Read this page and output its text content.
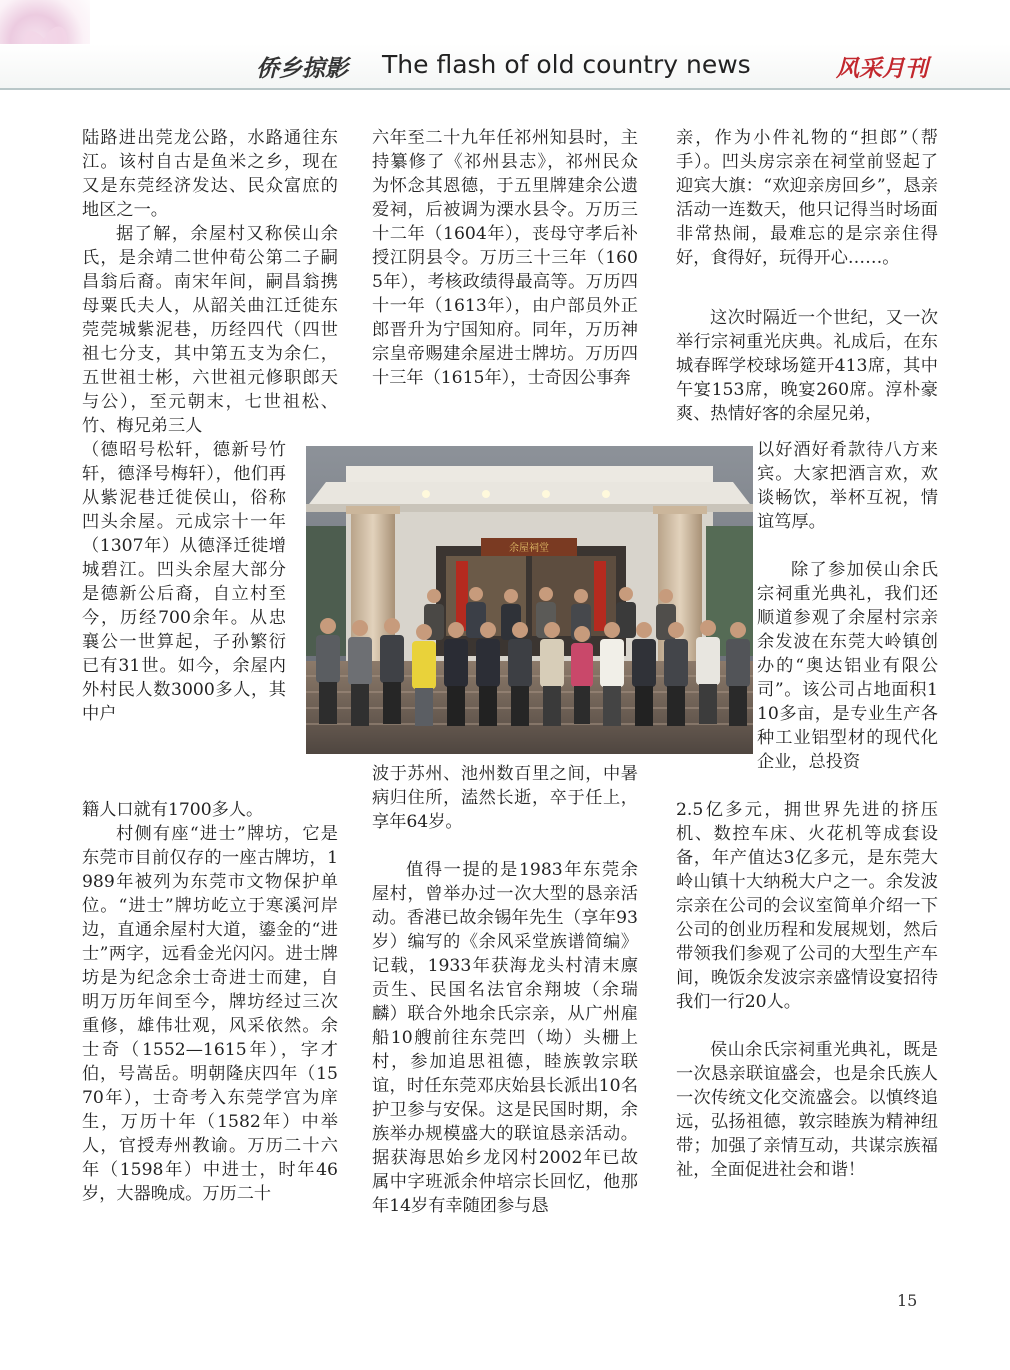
侨乡掠影 The flash of old country news	风采月刊

陆路进出莞龙公路，水路通往东江。该村自古是鱼米之乡，现在又是东莞经济发达、民众富庶的地区之一。

据了解，余屋村又称侯山余氏，是余靖二世仲荀公第二子嗣昌翁后裔。南宋年间，嗣昌翁携母粟氏夫人，从韶关曲江迁徙东莞莞城紫泥巷，历经四代（四世祖七分支，其中第五支为余仁，五世祖士彬，六世祖元修职郎天与公），至元朝末，七世祖松、竹、梅兄弟三人

（德昭号松轩，德新号竹轩，德泽号梅轩），他们再从紫泥巷迁徙侯山，俗称凹头余屋。元成宗十一年（1307年）从德泽迁徙增城碧江。凹头余屋大部分是德新公后裔，自立村至今，历经700余年。从忠襄公一世算起，子孙繁衍已有31世。如今，余屋内外村民人数3000多人，其中户

籍人口就有1700多人。

村侧有座“进士”牌坊，它是东莞市目前仅存的一座古牌坊，1989年被列为东莞市文物保护单位。“进士”牌坊屹立于寒溪河岸边，直通余屋村大道，鎏金的“进士”两字，远看金光闪闪。进士牌坊是为纪念余士奇进士而建，自明万历年间至今，牌坊经过三次重修，雄伟壮观，风采依然。余士奇（1552—1615年），字才伯，号嵩岳。明朝隆庆四年（1570年），士奇考入东莞学宫为庠生，万历十年（1582年）中举人，官授寿州教谕。万历二十六年（1598年）中进士，时年46岁，大器晚成。万历二十

六年至二十九年任祁州知县时，主持纂修了《祁州县志》，祁州民众为怀念其恩德，于五里牌建余公遗爱祠，后被调为溧水县令。万历三十二年（1604年），丧母守孝后补授江阴县令。万历三十三年（1605年），考核政绩得最高等。万历四十一年（1613年），由户部员外正郎晋升为宁国知府。同年，万历神宗皇帝赐建余屋进士牌坊。万历四十三年（1615年），士奇因公事奔

余屋祠堂

波于苏州、池州数百里之间，中暑病归住所，溘然长逝，卒于任上，享年64岁。

值得一提的是1983年东莞余屋村，曾举办过一次大型的恳亲活动。香港已故余锡年先生（享年93岁）编写的《余风采堂族谱简编》记载，1933年获海龙头村清末廪贡生、民国名法官余翔坡（余瑞麟）联合外地余氏宗亲，从广州雇船10艘前往东莞凹（坳）头栅上村，参加追思祖德，睦族敦宗联谊，时任东莞邓庆始县长派出10名护卫参与安保。这是民国时期，余族举办规模盛大的联谊恳亲活动。据获海思始乡龙冈村2002年已故属中字班派余仲培宗长回忆，他那年14岁有幸随团参与恳

亲，作为小件礼物的“担郎”（帮手）。凹头房宗亲在祠堂前竖起了迎宾大旗：“欢迎亲房回乡”，恳亲活动一连数天，他只记得当时场面非常热闹，最难忘的是宗亲住得好，食得好，玩得开心……。

这次时隔近一个世纪，又一次举行宗祠重光庆典。礼成后，在东城春晖学校球场筵开413席，其中午宴153席，晚宴260席。淳朴豪爽、热情好客的余屋兄弟，

以好酒好肴款待八方来宾。大家把酒言欢，欢谈畅饮，举杯互祝，情谊笃厚。

除了参加侯山余氏宗祠重光典礼，我们还顺道参观了余屋村宗亲余发波在东莞大岭镇创办的“奥达铝业有限公司”。该公司占地面积110多亩，是专业生产各种工业铝型材的现代化企业，总投资

2.5亿多元，拥世界先进的挤压机、数控车床、火花机等成套设备，年产值达3亿多元，是东莞大岭山镇十大纳税大户之一。余发波宗亲在公司的会议室简单介绍一下公司的创业历程和发展规划，然后带领我们参观了公司的大型生产车间，晚饭余发波宗亲盛情设宴招待我们一行20人。

侯山余氏宗祠重光典礼，既是一次恳亲联谊盛会，也是余氏族人一次传统文化交流盛会。以慎终追远，弘扬祖德，敦宗睦族为精神纽带；加强了亲情互动，共谋宗族福祉，全面促进社会和谐！

15
